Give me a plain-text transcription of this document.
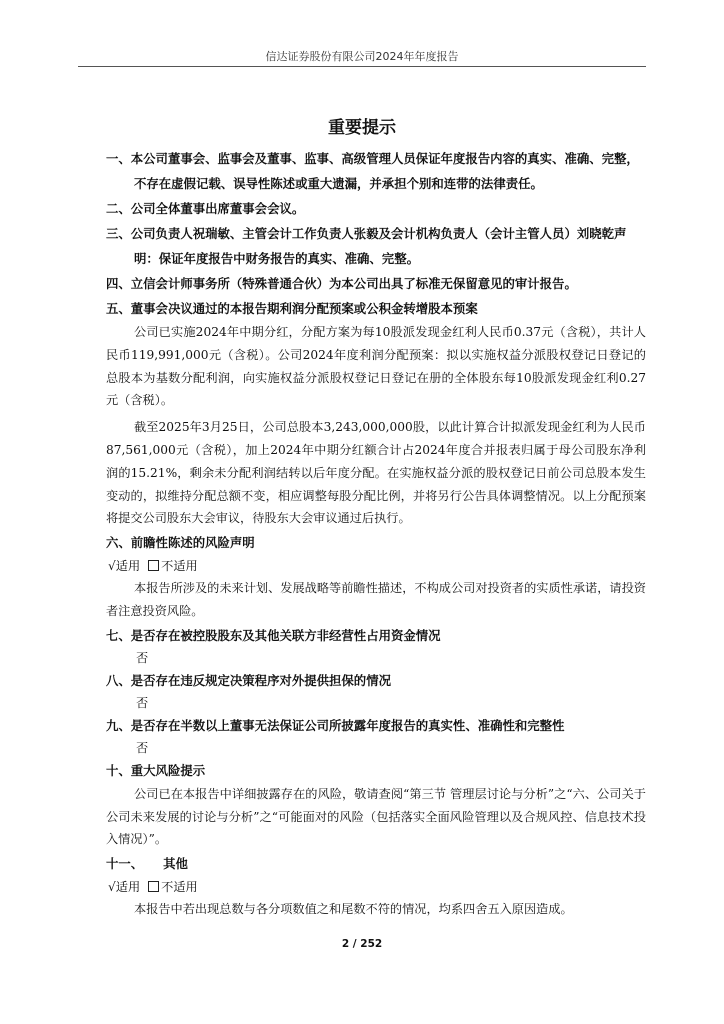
信达证券股份有限公司2024年年度报告
重要提示
一、本公司董事会、监事会及董事、监事、高级管理人员保证年度报告内容的真实、准确、完整，
不存在虚假记载、误导性陈述或重大遗漏，并承担个别和连带的法律责任。
二、公司全体董事出席董事会会议。
三、公司负责人祝瑞敏、主管会计工作负责人张毅及会计机构负责人（会计主管人员）刘晓乾声
明：保证年度报告中财务报告的真实、准确、完整。
四、立信会计师事务所（特殊普通合伙）为本公司出具了标准无保留意见的审计报告。
五、董事会决议通过的本报告期利润分配预案或公积金转增股本预案
公司已实施2024年中期分红，分配方案为每10股派发现金红利人民币0.37元（含税），共计人民币119,991,000元（含税）。公司2024年度利润分配预案：拟以实施权益分派股权登记日登记的总股本为基数分配利润，向实施权益分派股权登记日登记在册的全体股东每10股派发现金红利0.27元（含税）。
截至2025年3月25日，公司总股本3,243,000,000股，以此计算合计拟派发现金红利为人民币87,561,000元（含税），加上2024年中期分红额合计占2024年度合并报表归属于母公司股东净利润的15.21%，剩余未分配利润结转以后年度分配。在实施权益分派的股权登记日前公司总股本发生变动的，拟维持分配总额不变，相应调整每股分配比例，并将另行公告具体调整情况。以上分配预案将提交公司股东大会审议，待股东大会审议通过后执行。
六、前瞻性陈述的风险声明
√适用 不适用
本报告所涉及的未来计划、发展战略等前瞻性描述，不构成公司对投资者的实质性承诺，请投资者注意投资风险。
七、是否存在被控股股东及其他关联方非经营性占用资金情况
否
八、是否存在违反规定决策程序对外提供担保的情况
否
九、是否存在半数以上董事无法保证公司所披露年度报告的真实性、准确性和完整性
否
十、重大风险提示
公司已在本报告中详细披露存在的风险，敬请查阅“第三节 管理层讨论与分析”之“六、公司关于公司未来发展的讨论与分析”之“可能面对的风险（包括落实全面风险管理以及合规风控、信息技术投入情况）”。
十一、 其他
√适用 不适用
本报告中若出现总数与各分项数值之和尾数不符的情况，均系四舍五入原因造成。
2 / 252
